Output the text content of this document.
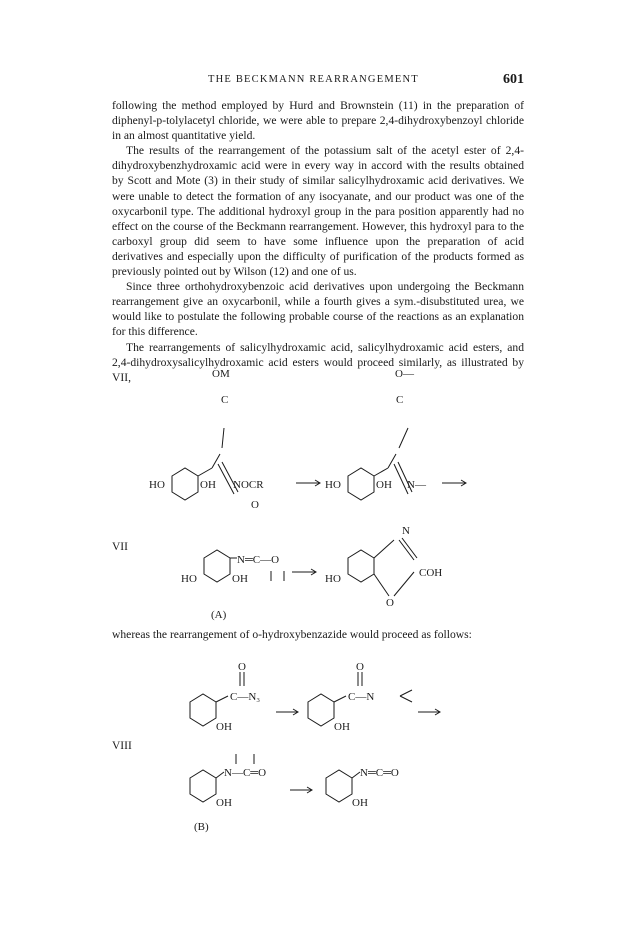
THE BECKMANN REARRANGEMENT	601

following the method employed by Hurd and Brownstein (11) in the preparation of diphenyl-p-tolylacetyl chloride, we were able to prepare 2,4-dihydroxybenzoyl chloride in an almost quantitative yield.

The results of the rearrangement of the potassium salt of the acetyl ester of 2,4-dihydroxybenzhydroxamic acid were in every way in accord with the results obtained by Scott and Mote (3) in their study of similar salicylhydroxamic acid derivatives. We were unable to detect the formation of any isocyanate, and our product was one of the oxycarbonil type. The additional hydroxyl group in the para position apparently had no effect on the course of the Beckmann rearrangement. However, this hydroxyl para to the carboxyl group did seem to have some influence upon the preparation of acid derivatives and especially upon the difficulty of purification of the products formed as previously pointed out by Wilson (12) and one of us.

Since three orthohydroxybenzoic acid derivatives upon undergoing the Beckmann rearrangement give an oxycarbonil, while a fourth gives a sym.-disubstituted urea, we would like to postulate the following probable course of the reactions as an explanation for this difference.

The rearrangements of salicylhydroxamic acid, salicylhydroxamic acid esters, and 2,4-dihydroxysalicylhydroxamic acid esters would proceed similarly, as illustrated by VII,	OM	O—
C	C
HO	OH NOCR
O
HO	OH N—
N
N═C—O
COH
HO	OH	HO
O
(A)
VII

whereas the rearrangement of o-hydroxybenzazide would proceed as follows:

O	O
C—N₃	C—N
OH	OH
N—C═O	N═C═O
OH	OH
(B)
VIII
